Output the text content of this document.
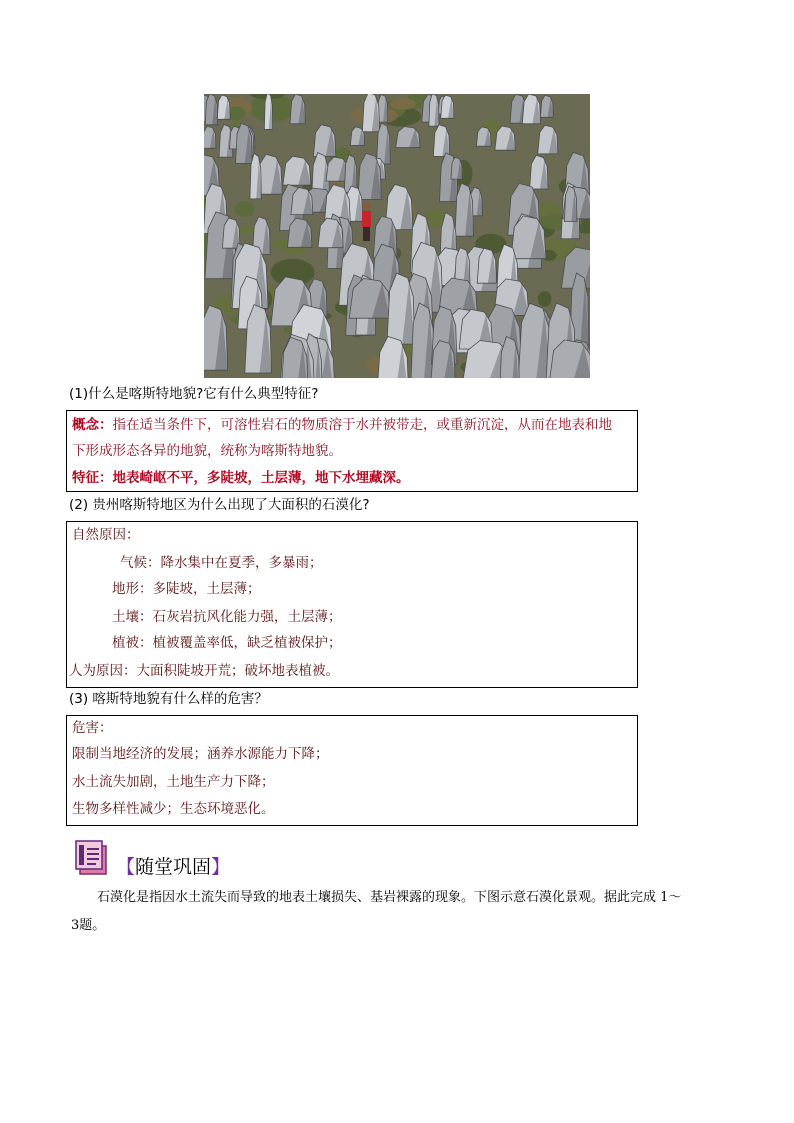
(1)什么是喀斯特地貌?它有什么典型特征?
概念：指在适当条件下，可溶性岩石的物质溶于水并被带走，或重新沉淀，从而在地表和地
下形成形态各异的地貌，统称为喀斯特地貌。
特征：地表崎岖不平，多陡坡，土层薄，地下水埋藏深。
(2) 贵州喀斯特地区为什么出现了大面积的石漠化?
自然原因：
气候：降水集中在夏季，多暴雨；
地形：多陡坡，土层薄；
土壤：石灰岩抗风化能力强，土层薄；
植被：植被覆盖率低，缺乏植被保护；
人为原因：大面积陡坡开荒；破坏地表植被。
(3) 喀斯特地貌有什么样的危害？
危害：
限制当地经济的发展；涵养水源能力下降；
水土流失加剧，土地生产力下降；
生物多样性减少；生态环境恶化。
【随堂巩固】
石漠化是指因水土流失而导致的地表土壤损失、基岩裸露的现象。下图示意石漠化景观。据此完成 1～
3题。
